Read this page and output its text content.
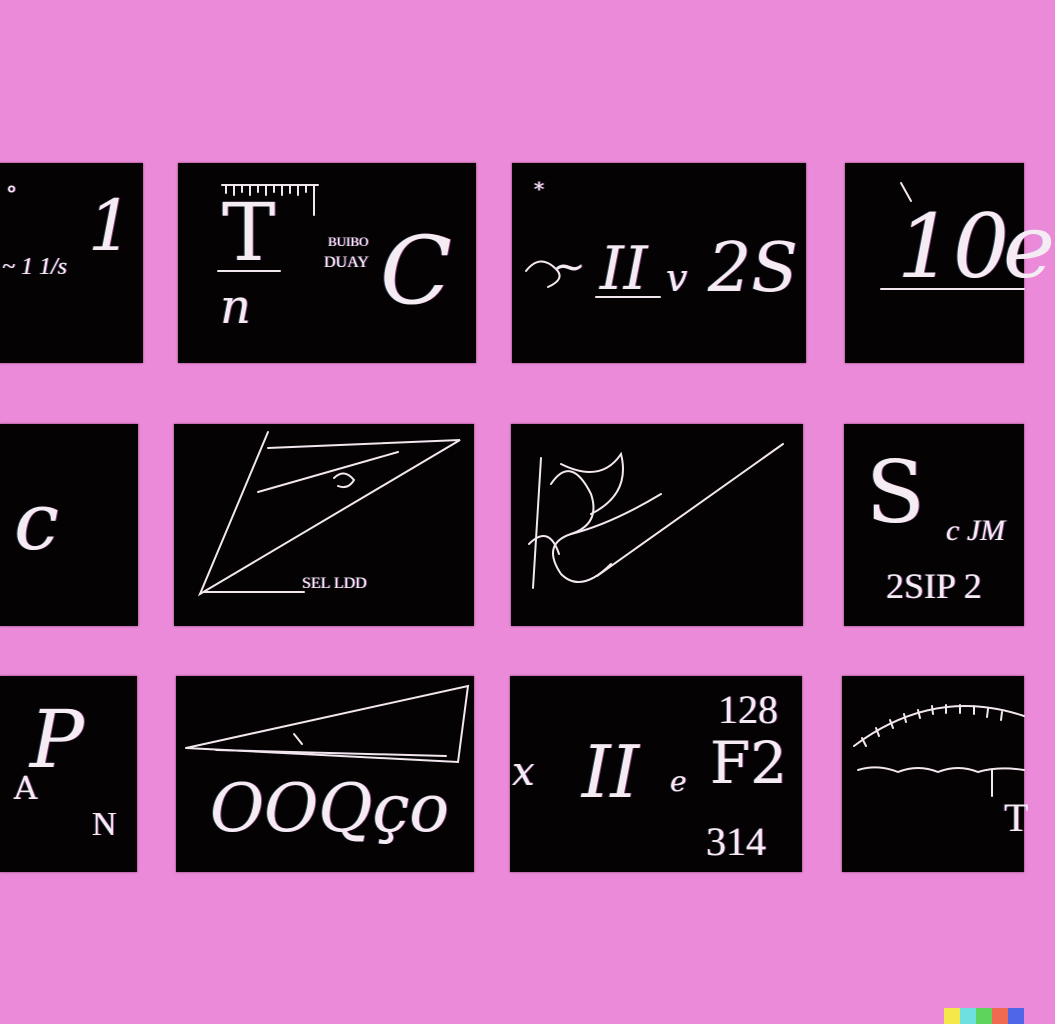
1
~ 1 1/s
°	T
n
BUIBO
DUAY C
*
~ II v 2S 10
e
c
SEL LDD
S c JM
2SIP 2
P
A
N OOQço
128
x II e F2
314
T
